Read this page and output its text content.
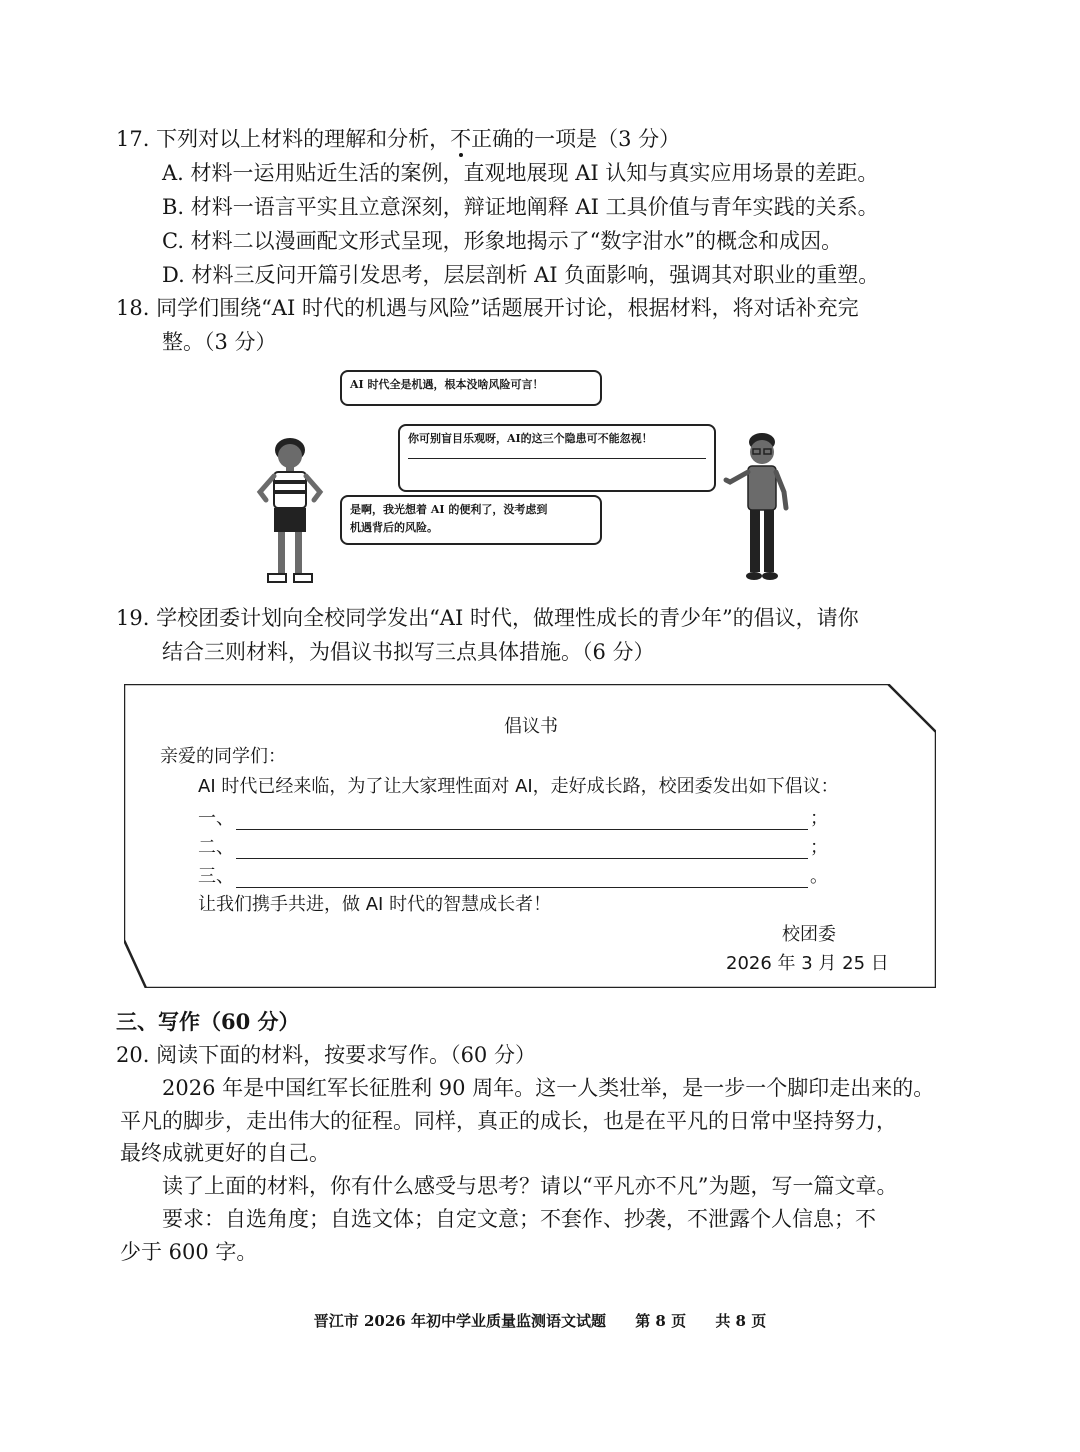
17. 下列对以上材料的理解和分析，不正确的一项是（3 分）
A. 材料一运用贴近生活的案例，直观地展现 AI 认知与真实应用场景的差距。
B. 材料一语言平实且立意深刻，辩证地阐释 AI 工具价值与青年实践的关系。
C. 材料二以漫画配文形式呈现，形象地揭示了“数字泔水”的概念和成因。
D. 材料三反问开篇引发思考，层层剖析 AI 负面影响，强调其对职业的重塑。
18. 同学们围绕“AI 时代的机遇与风险”话题展开讨论，根据材料，将对话补充完
整。（3 分）
AI 时代全是机遇，根本没啥风险可言！
你可别盲目乐观呀，AI的这三个隐患可不能忽视！
是啊，我光想着 AI 的便利了，没考虑到
机遇背后的风险。
19. 学校团委计划向全校同学发出“AI 时代，做理性成长的青少年”的倡议，请你
结合三则材料，为倡议书拟写三点具体措施。（6 分）
倡议书
亲爱的同学们：
AI 时代已经来临，为了让大家理性面对 AI，走好成长路，校团委发出如下倡议：
一、	；
二、	；
三、	。
让我们携手共进，做 AI 时代的智慧成长者！
校团委
2026 年 3 月 25 日
三、写作（60 分）
20. 阅读下面的材料，按要求写作。（60 分）
2026 年是中国红军长征胜利 90 周年。这一人类壮举，是一步一个脚印走出来的。
平凡的脚步，走出伟大的征程。同样，真正的成长，也是在平凡的日常中坚持努力，
最终成就更好的自己。
读了上面的材料，你有什么感受与思考？请以“平凡亦不凡”为题，写一篇文章。
要求：自选角度；自选文体；自定文意；不套作、抄袭，不泄露个人信息；不
少于 600 字。
晋江市 2026 年初中学业质量监测语文试题 第 8 页 共 8 页
